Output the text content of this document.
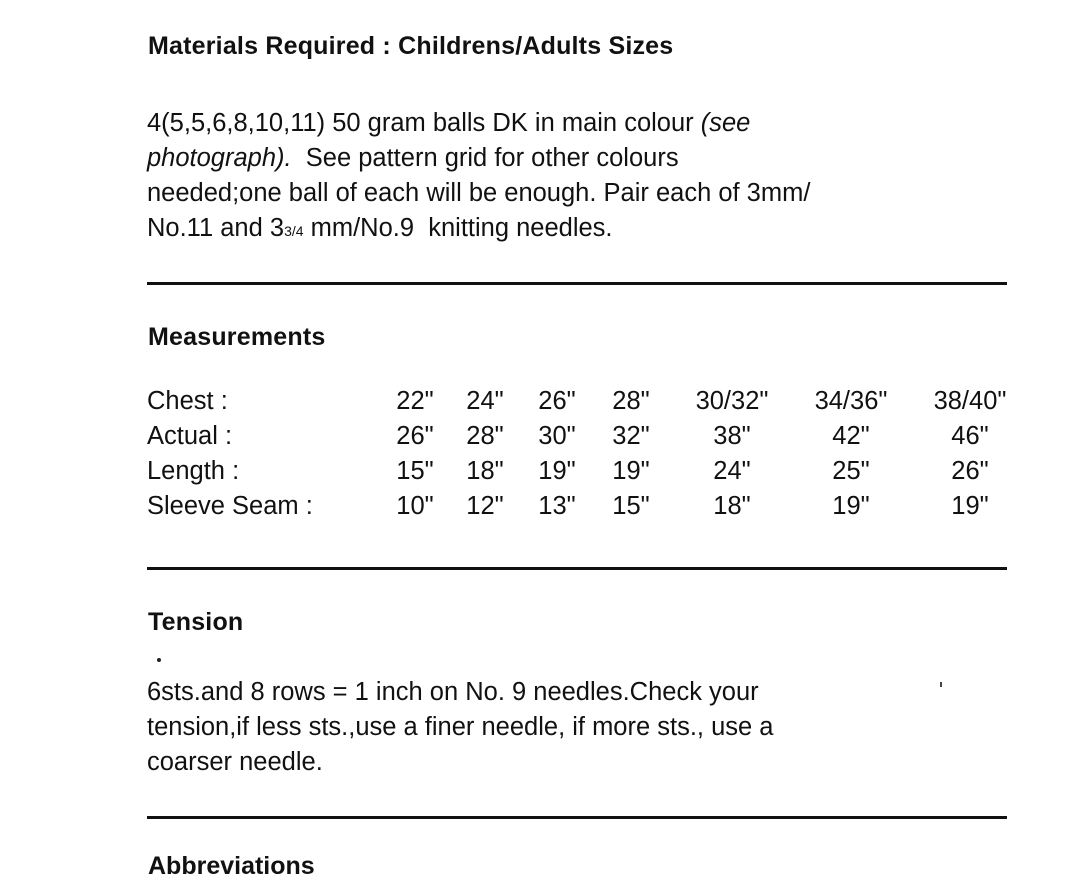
Materials Required : Childrens/Adults Sizes
4(5,5,6,8,10,11) 50 gram balls DK in main colour (see
photograph).  See pattern grid for other colours
needed;one ball of each will be enough. Pair each of 3mm/
No.11 and 33/4 mm/No.9  knitting needles.
Measurements
Chest :	22"	24"	26"	28"	30/32"	34/36"	38/40"
Actual :	26"	28"	30"	32"	38"	42"	46"
Length :	15"	18"	19"	19"	24"	25"	26"
Sleeve Seam :	10"	12"	13"	15"	18"	19"	19"
Tension
6sts.and 8 rows = 1 inch on No. 9 needles.Check your
tension,if less sts.,use a finer needle, if more sts., use a
coarser needle.
Abbreviations
